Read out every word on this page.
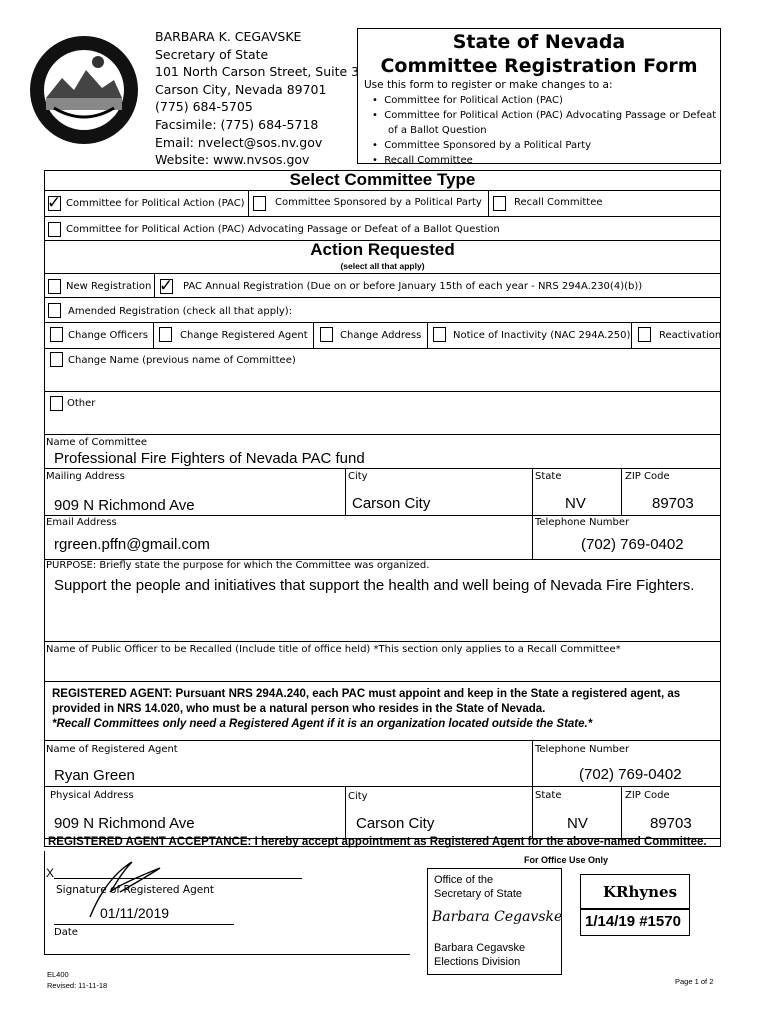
BARBARA K. CEGAVSKE
Secretary of State
101 North Carson Street, Suite 3
Carson City, Nevada 89701
(775) 684-5705
Facsimile: (775) 684-5718
Email: nvelect@sos.nv.gov
Website: www.nvsos.gov
State of Nevada
Committee Registration Form
Use this form to register or make changes to a:
•  Committee for Political Action (PAC)
•  Committee for Political Action (PAC) Advocating Passage or Defeat
of a Ballot Question
•  Committee Sponsored by a Political Party
•  Recall Committee
Select Committee Type
✓ Committee for Political Action (PAC)	Committee Sponsored by a Political Party	Recall Committee
Committee for Political Action (PAC) Advocating Passage or Defeat of a Ballot Question
Action Requested
(select all that apply)
New Registration ✓ PAC Annual Registration (Due on or before January 15th of each year - NRS 294A.230(4)(b))
Amended Registration (check all that apply):
Change Officers	Change Registered Agent	Change Address	Notice of Inactivity (NAC 294A.250)	Reactivation
Change Name (previous name of Committee)
Other
Name of Committee
Professional Fire Fighters of Nevada PAC fund
Mailing Address
909 N Richmond Ave
City
Carson City
State
NV
ZIP Code
89703
Email Address
rgreen.pffn@gmail.com
Telephone Number
(702) 769-0402
PURPOSE: Briefly state the purpose for which the Committee was organized.
Support the people and initiatives that support the health and well being of Nevada Fire Fighters.
Name of Public Officer to be Recalled (Include title of office held) *This section only applies to a Recall Committee*
REGISTERED AGENT: Pursuant NRS 294A.240, each PAC must appoint and keep in the State a registered agent, as
provided in NRS 14.020, who must be a natural person who resides in the State of Nevada.
*Recall Committees only need a Registered Agent if it is an organization located outside the State.*
Name of Registered Agent
Ryan Green
Telephone Number
(702) 769-0402
Physical Address
909 N Richmond Ave
City
Carson City
State
NV
ZIP Code
89703
REGISTERED AGENT ACCEPTANCE: I hereby accept appointment as Registered Agent for the above-named Committee.
X
Signature of Registered Agent
01/11/2019
Date
For Office Use Only
Office of the
Secretary of State
Barbara Cegavske
Barbara Cegavske
Elections Division
KRhynes
1/14/19 #1570
EL400
Revised: 11-11-18	Page 1 of 2
